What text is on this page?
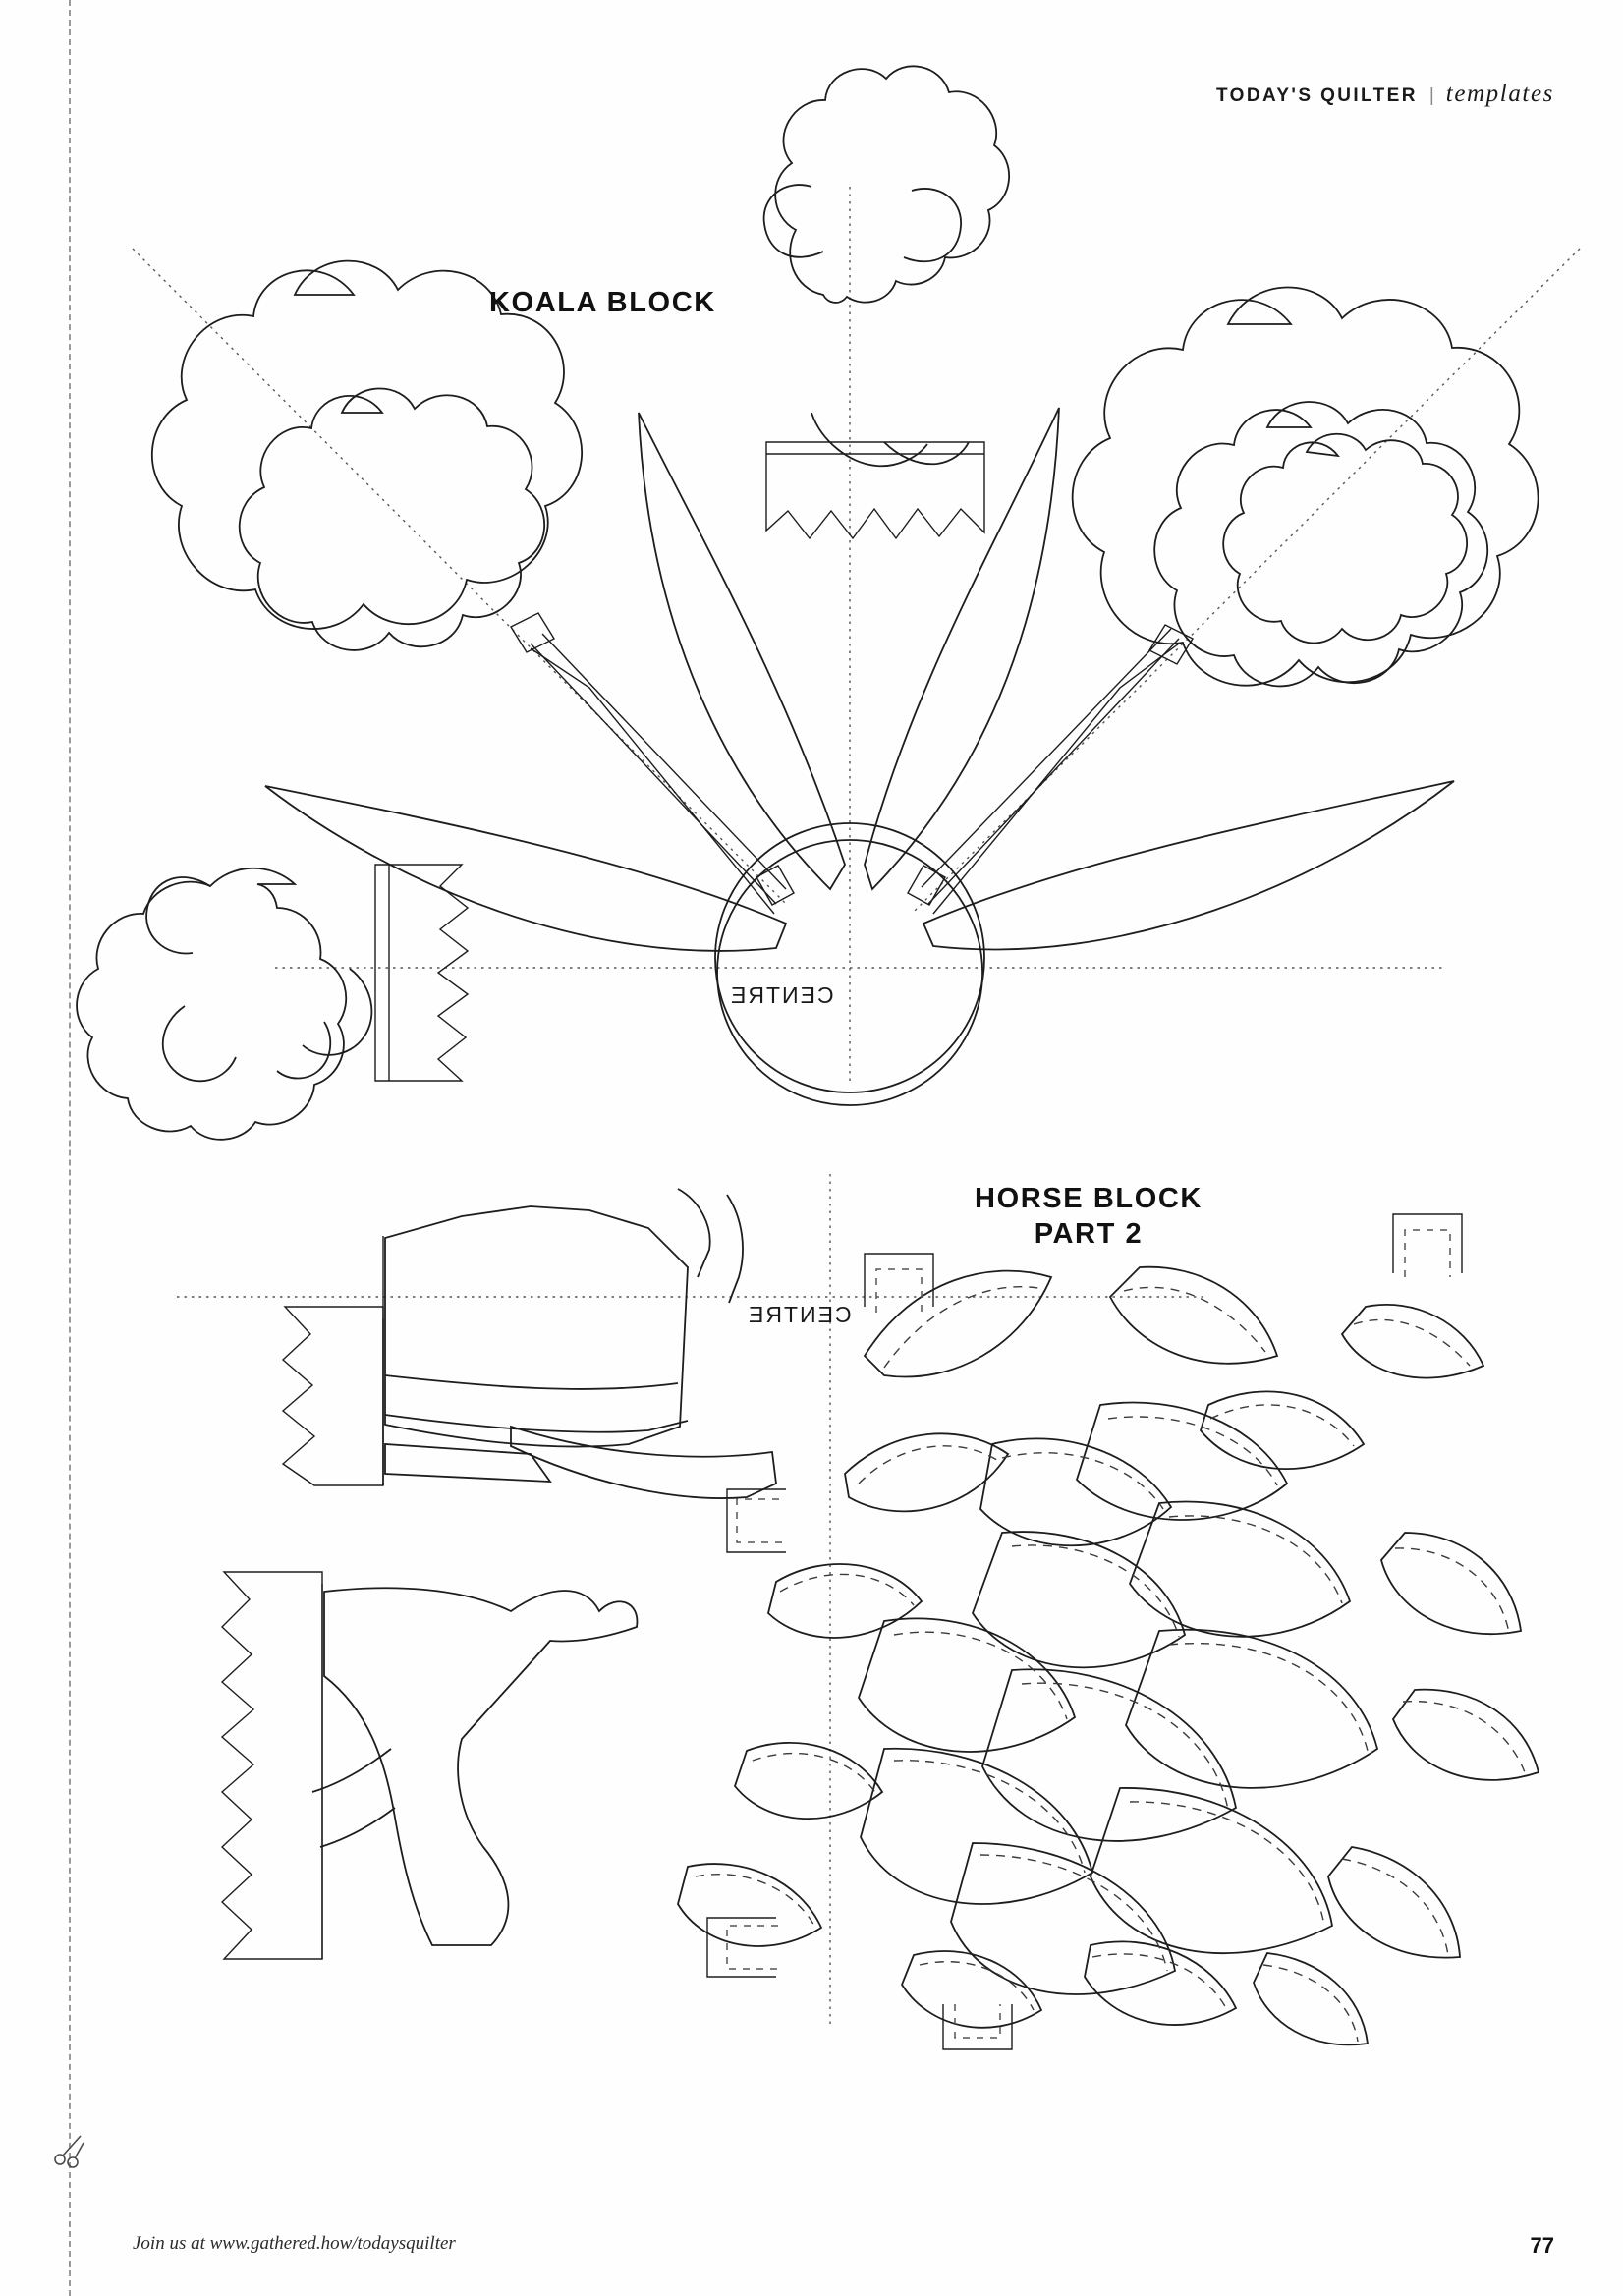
TODAY'S QUILTER | templates
KOALA BLOCK
HORSE BLOCK
PART 2
CENTRE
CENTRE
Join us at www.gathered.how/todaysquilter	77
